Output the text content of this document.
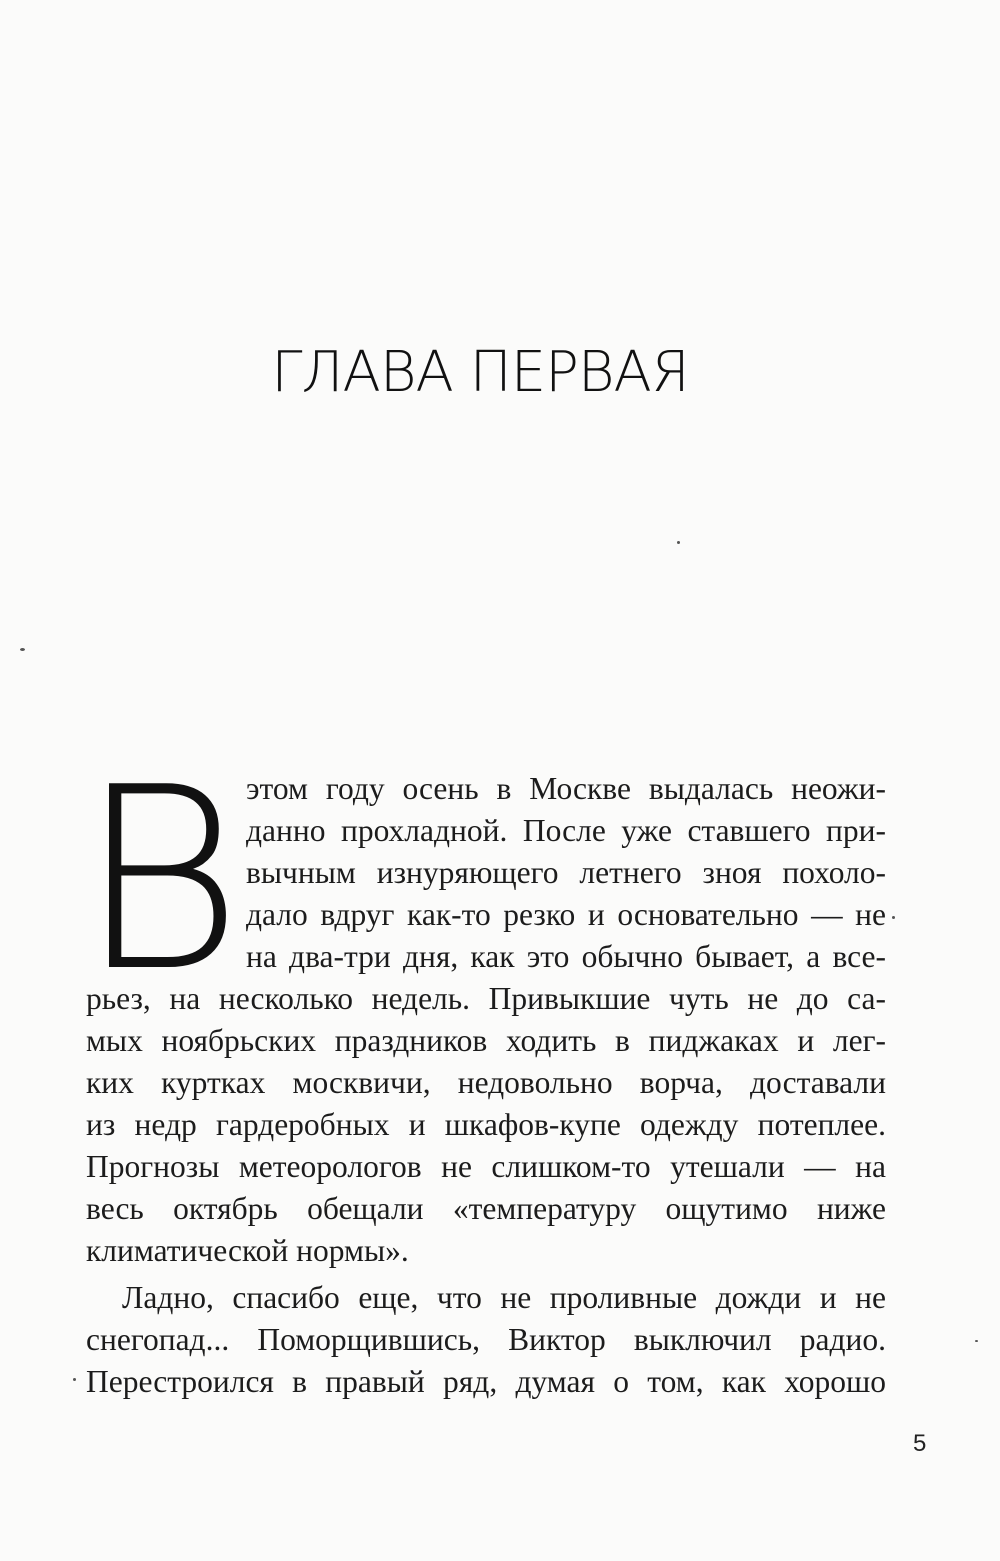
ГЛАВА ПЕРВАЯ
В этом году осень в Москве выдалась неожи-
данно прохладной. После уже ставшего при-
вычным изнуряющего летнего зноя похоло-
дало вдруг как-то резко и основательно — не
на два-три дня, как это обычно бывает, а все-
рьез, на несколько недель. Привыкшие чуть не до са-
мых ноябрьских праздников ходить в пиджаках и лег-
ких куртках москвичи, недовольно ворча, доставали
из недр гардеробных и шкафов-купе одежду потеплее.
Прогнозы метеорологов не слишком-то утешали — на
весь октябрь обещали «температуру ощутимо ниже
климатической нормы».
Ладно, спасибо еще, что не проливные дожди и не
снегопад... Поморщившись, Виктор выключил радио.
Перестроился в правый ряд, думая о том, как хорошо
5
